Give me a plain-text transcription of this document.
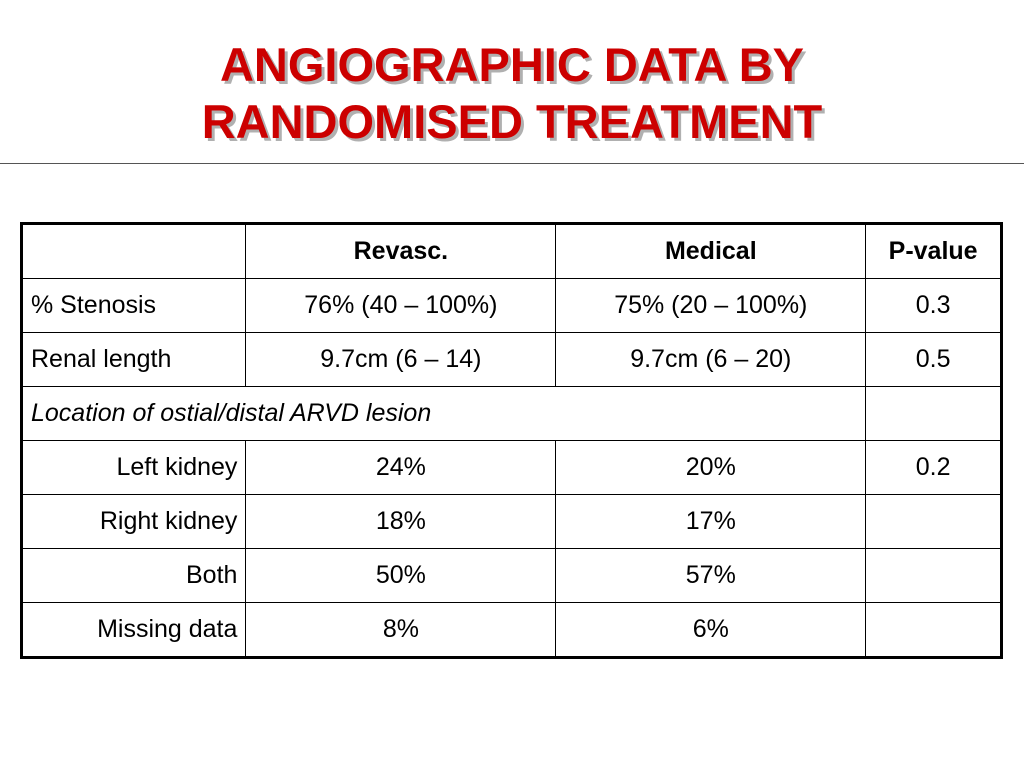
ANGIOGRAPHIC DATA BY
RANDOMISED TREATMENT
	Revasc.	Medical	P-value
% Stenosis	76% (40 – 100%)	75% (20 – 100%)	0.3
Renal length	9.7cm (6 – 14)	9.7cm (6 – 20)	0.5
Location of ostial/distal ARVD lesion			
Left kidney	24%	20%	0.2
Right kidney	18%	17%	
Both	50%	57%	
Missing data	8%	6%	
